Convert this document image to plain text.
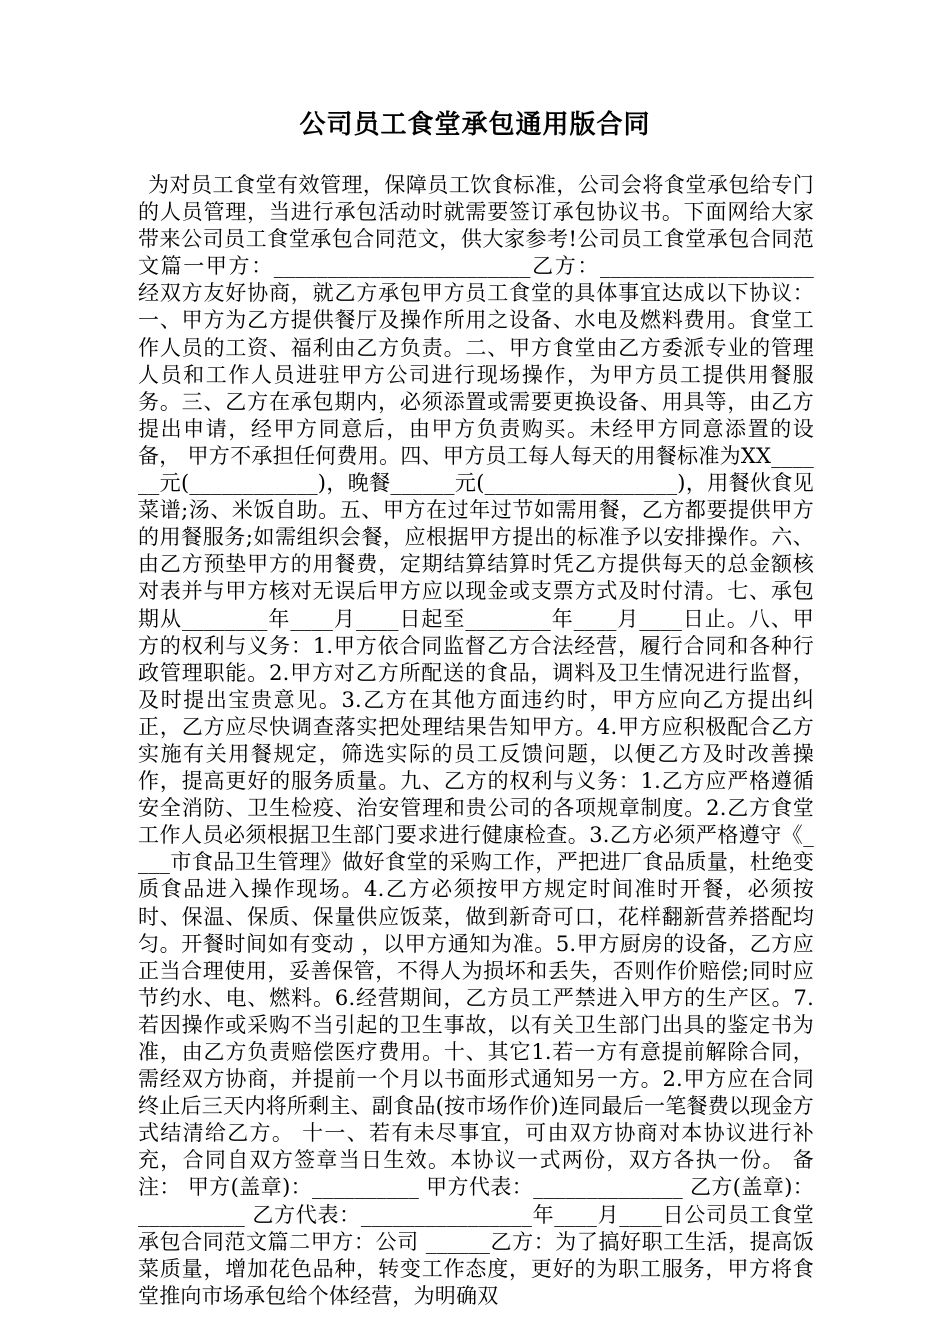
公司员工食堂承包通用版合同

为对员工食堂有效管理，保障员工饮食标准，公司会将食堂承包给专门的人员管理，当进行承包活动时就需要签订承包协议书。下面网给大家带来公司员工食堂承包合同范文，供大家参考!公司员工食堂承包合同范文篇一甲方：________________________乙方：____________________经双方友好协商，就乙方承包甲方员工食堂的具体事宜达成以下协议：一、甲方为乙方提供餐厅及操作所用之设备、水电及燃料费用。食堂工作人员的工资、福利由乙方负责。二、甲方食堂由乙方委派专业的管理人员和工作人员进驻甲方公司进行现场操作，为甲方员工提供用餐服务。三、乙方在承包期内，必须添置或需要更换设备、用具等，由乙方提出申请，经甲方同意后，由甲方负责购买。未经甲方同意添置的设备， 甲方不承担任何费用。四、甲方员工每人每天的用餐标准为XX______元(____________)，晚餐______元(__________________)，用餐伙食见菜谱;汤、米饭自助。五、甲方在过年过节如需用餐，乙方都要提供甲方的用餐服务;如需组织会餐，应根据甲方提出的标准予以安排操作。六、由乙方预垫甲方的用餐费，定期结算结算时凭乙方提供每天的总金额核对表并与甲方核对无误后甲方应以现金或支票方式及时付清。七、承包期从________年____月____日起至________年____月____日止。八、甲方的权利与义务：1.甲方依合同监督乙方合法经营，履行合同和各种行政管理职能。2.甲方对乙方所配送的食品，调料及卫生情况进行监督，及时提出宝贵意见。3.乙方在其他方面违约时，甲方应向乙方提出纠正，乙方应尽快调查落实把处理结果告知甲方。4.甲方应积极配合乙方实施有关用餐规定，筛选实际的员工反馈问题，以便乙方及时改善操作，提高更好的服务质量。九、乙方的权利与义务：1.乙方应严格遵循安全消防、卫生检疫、治安管理和贵公司的各项规章制度。2.乙方食堂工作人员必须根据卫生部门要求进行健康检查。3.乙方必须严格遵守《____市食品卫生管理》做好食堂的采购工作，严把进厂食品质量，杜绝变质食品进入操作现场。4.乙方必须按甲方规定时间准时开餐，必须按时、保温、保质、保量供应饭菜，做到新奇可口，花样翻新营养搭配均匀。开餐时间如有变动 ，以甲方通知为准。5.甲方厨房的设备，乙方应正当合理使用，妥善保管，不得人为损坏和丢失，否则作价赔偿;同时应节约水、电、燃料。6.经营期间，乙方员工严禁进入甲方的生产区。7.若因操作或采购不当引起的卫生事故，以有关卫生部门出具的鉴定书为准，由乙方负责赔偿医疗费用。十、其它1.若一方有意提前解除合同，需经双方协商，并提前一个月以书面形式通知另一方。2.甲方应在合同终止后三天内将所剩主、副食品(按市场作价)连同最后一笔餐费以现金方式结清给乙方。 十一、若有未尽事宜，可由双方协商对本协议进行补充，合同自双方签章当日生效。本协议一式两份，双方各执一份。 备注： 甲方(盖章)：__________ 甲方代表：______________ 乙方(盖章)：__________ 乙方代表：________________年____月____日公司员工食堂承包合同范文篇二甲方：公司 ______乙方：为了搞好职工生活，提高饭菜质量，增加花色品种，转变工作态度，更好的为职工服务，甲方将食堂推向市场承包给个体经营，为明确双
